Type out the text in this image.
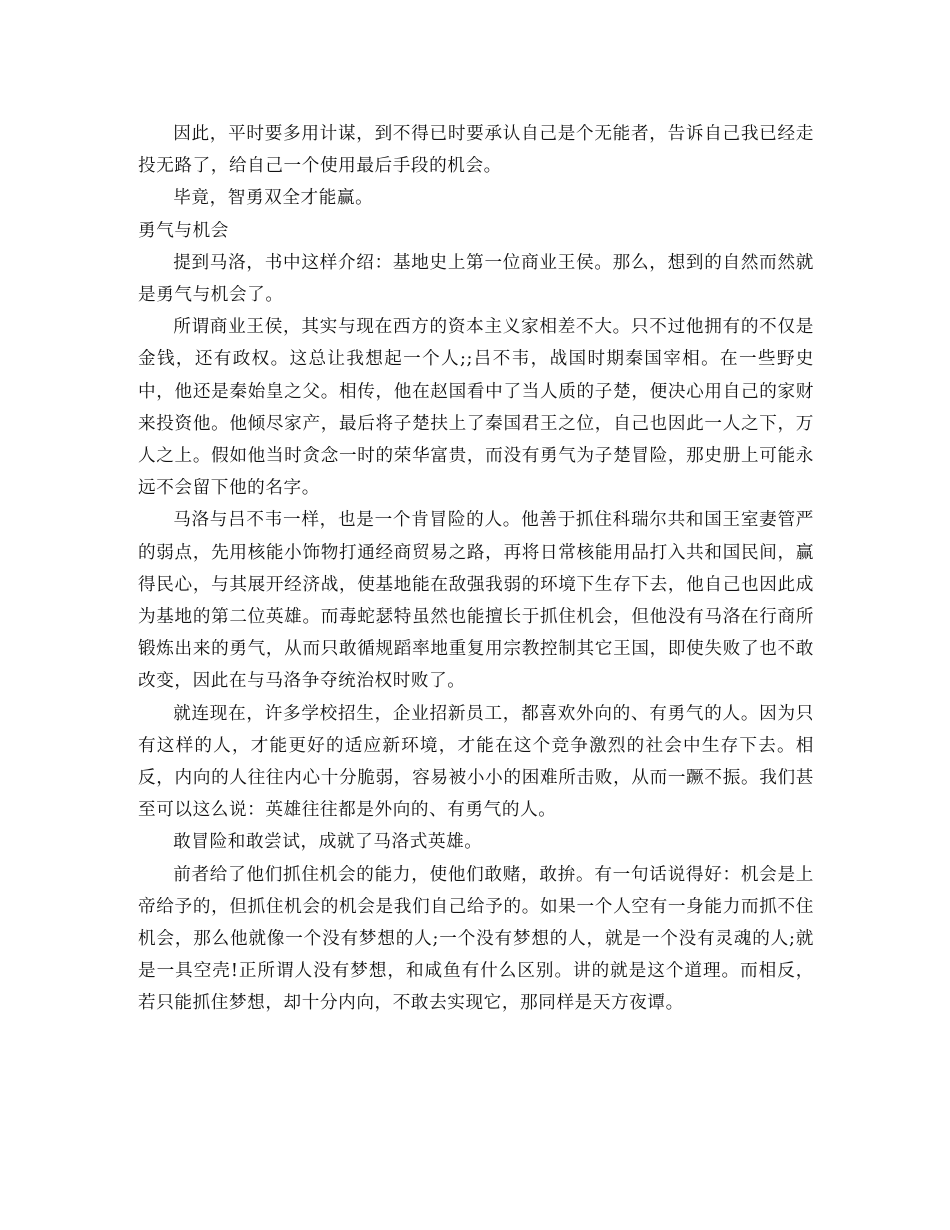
因此，平时要多用计谋，到不得已时要承认自己是个无能者，告诉自己我已经走投无路了，给自己一个使用最后手段的机会。

毕竟，智勇双全才能赢。

勇气与机会

提到马洛，书中这样介绍：基地史上第一位商业王侯。那么，想到的自然而然就是勇气与机会了。

所谓商业王侯，其实与现在西方的资本主义家相差不大。只不过他拥有的不仅是金钱，还有政权。这总让我想起一个人;;吕不韦，战国时期秦国宰相。在一些野史中，他还是秦始皇之父。相传，他在赵国看中了当人质的子楚，便决心用自己的家财来投资他。他倾尽家产，最后将子楚扶上了秦国君王之位，自己也因此一人之下，万人之上。假如他当时贪念一时的荣华富贵，而没有勇气为子楚冒险，那史册上可能永远不会留下他的名字。

马洛与吕不韦一样，也是一个肯冒险的人。他善于抓住科瑞尔共和国王室妻管严的弱点，先用核能小饰物打通经商贸易之路，再将日常核能用品打入共和国民间，赢得民心，与其展开经济战，使基地能在敌强我弱的环境下生存下去，他自己也因此成为基地的第二位英雄。而毒蛇瑟特虽然也能擅长于抓住机会，但他没有马洛在行商所锻炼出来的勇气，从而只敢循规蹈率地重复用宗教控制其它王国，即使失败了也不敢改变，因此在与马洛争夺统治权时败了。

就连现在，许多学校招生，企业招新员工，都喜欢外向的、有勇气的人。因为只有这样的人，才能更好的适应新环境，才能在这个竞争激烈的社会中生存下去。相反，内向的人往往内心十分脆弱，容易被小小的困难所击败，从而一蹶不振。我们甚至可以这么说：英雄往往都是外向的、有勇气的人。

敢冒险和敢尝试，成就了马洛式英雄。

前者给了他们抓住机会的能力，使他们敢赌，敢拚。有一句话说得好：机会是上帝给予的，但抓住机会的机会是我们自己给予的。如果一个人空有一身能力而抓不住机会，那么他就像一个没有梦想的人;一个没有梦想的人，就是一个没有灵魂的人;就是一具空壳!正所谓人没有梦想，和咸鱼有什么区别。讲的就是这个道理。而相反，若只能抓住梦想，却十分内向，不敢去实现它，那同样是天方夜谭。
